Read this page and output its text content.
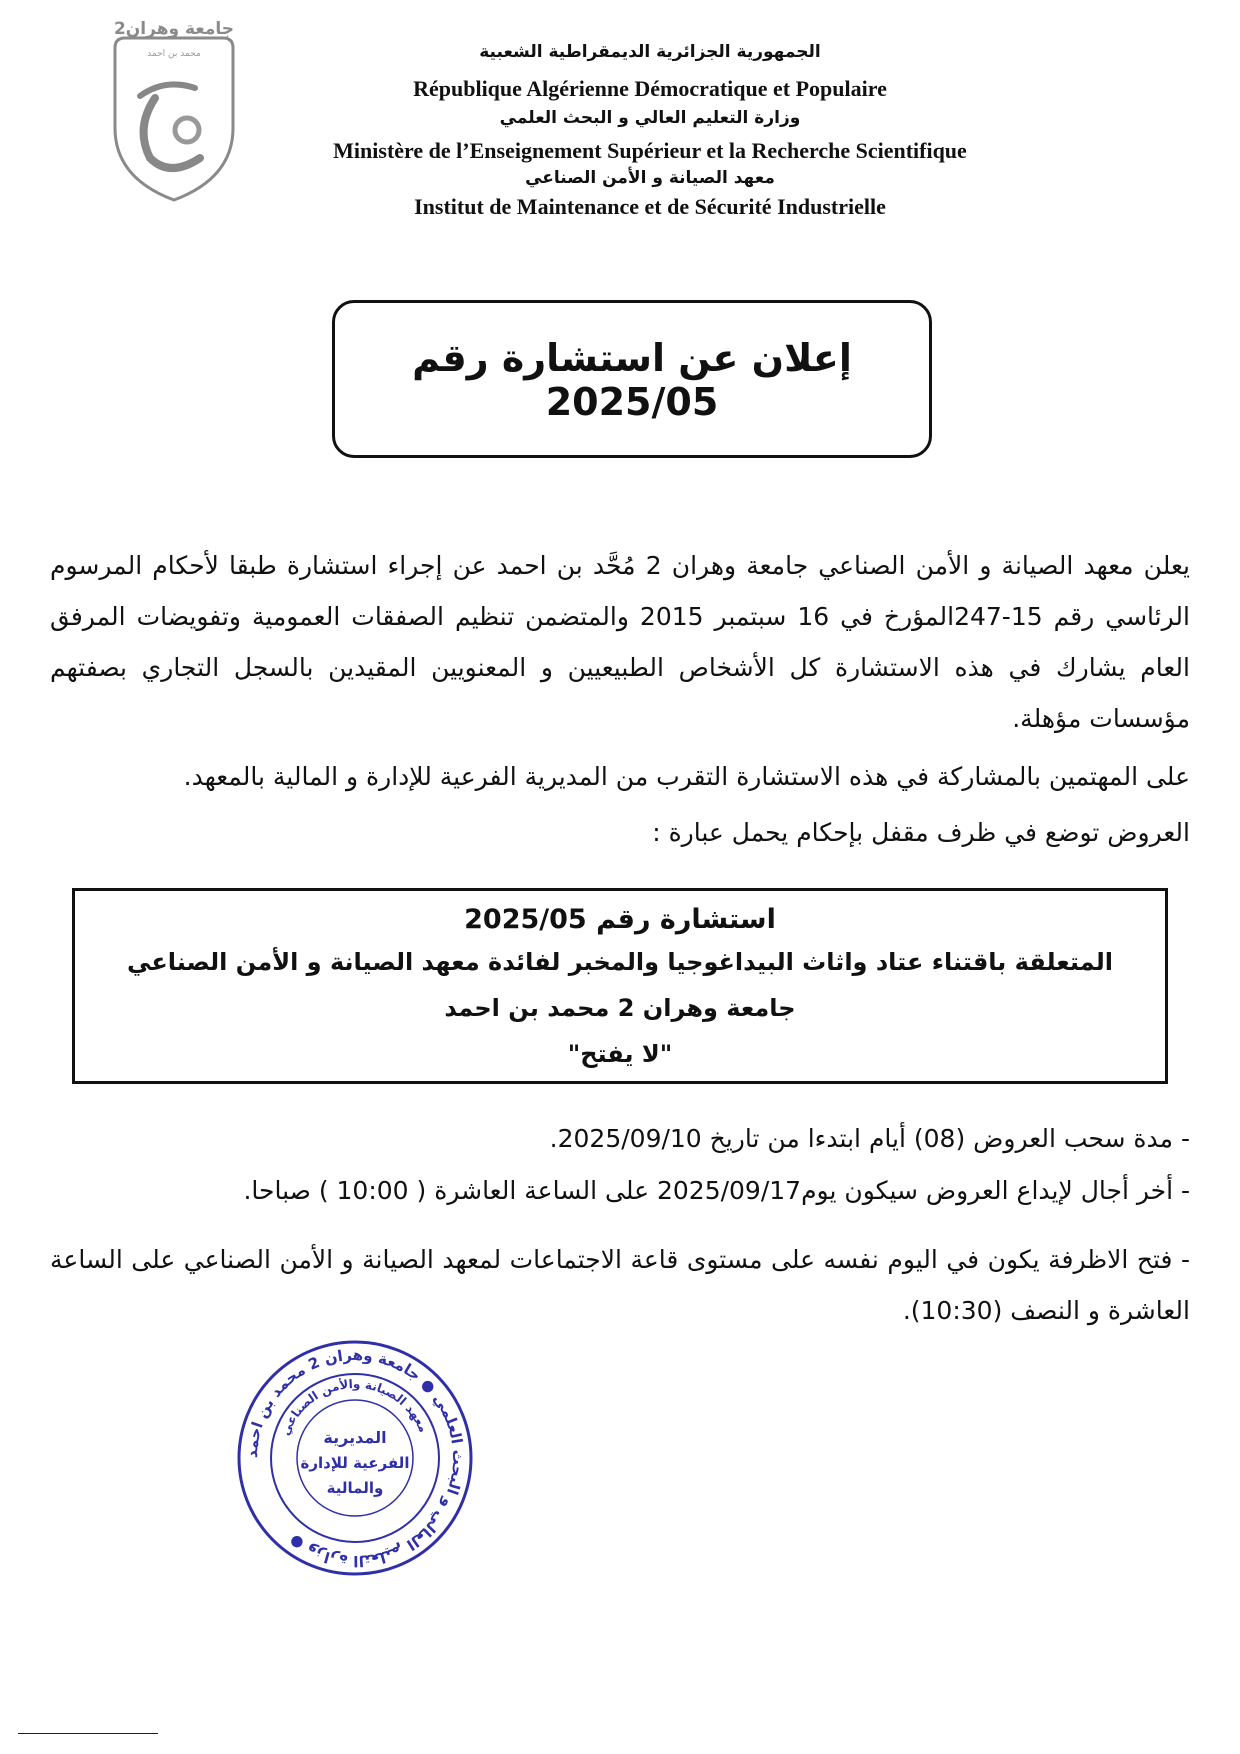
جامعة وهران2
محمد بن احمد	الجمهورية الجزائرية الديمقراطية الشعبية
République Algérienne Démocratique et Populaire
وزارة التعليم العالي و البحث العلمي
Ministère de l’Enseignement Supérieur et la Recherche Scientifique
معهد الصيانة و الأمن الصناعي
Institut de Maintenance et de Sécurité Industrielle
إعلان عن استشارة رقم 2025/05
يعلن معهد الصيانة و الأمن الصناعي جامعة وهران 2 مُحَّد بن احمد عن إجراء استشارة طبقا لأحكام المرسوم الرئاسي رقم 15-247المؤرخ في 16 سبتمبر 2015 والمتضمن تنظيم الصفقات العمومية وتفويضات المرفق العام يشارك في هذه الاستشارة كل الأشخاص الطبيعيين و المعنويين المقيدين بالسجل التجاري بصفتهم مؤسسات مؤهلة.
على المهتمين بالمشاركة في هذه الاستشارة التقرب من المديرية الفرعية للإدارة و المالية بالمعهد.
العروض توضع في ظرف مقفل بإحكام يحمل عبارة :
استشارة رقم 2025/05
المتعلقة باقتناء عتاد واثاث البيداغوجيا والمخبر لفائدة معهد الصيانة و الأمن الصناعي
جامعة وهران 2 محمد بن احمد
"لا يفتح"
- مدة سحب العروض (08) أيام ابتدءا من تاريخ 2025/09/10.
- أخر أجال لإيداع العروض سيكون يوم2025/09/17 على الساعة العاشرة ( 10:00 ) صباحا.
- فتح الاظرفة يكون في اليوم نفسه على مستوى قاعة الاجتماعات لمعهد الصيانة و الأمن الصناعي على الساعة العاشرة و النصف (10:30).
وزارة التعليم العالي و البحث العلمي ● جامعة وهران 2 محمد بن احمد ●
معهد الصيانة والأمن الصناعي
المديرية
الفرعية للإدارة
والمالية
